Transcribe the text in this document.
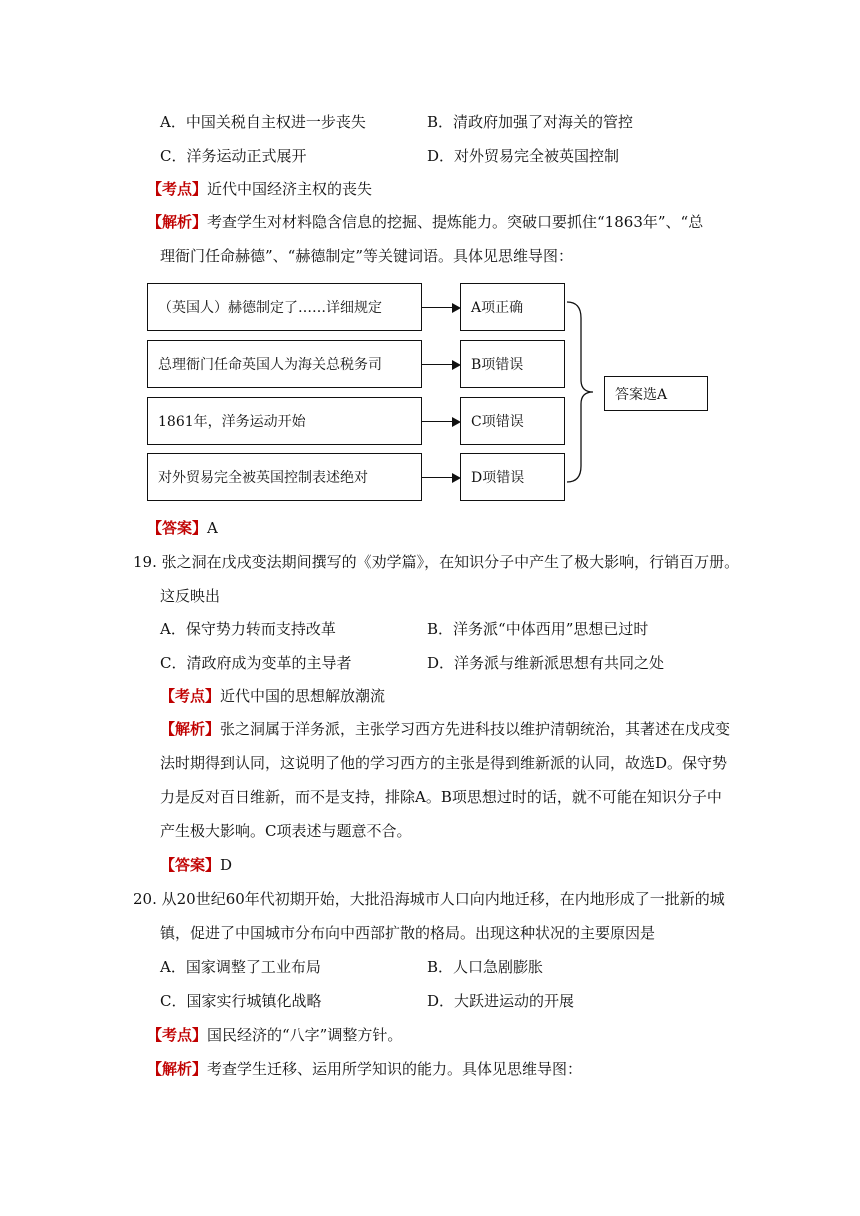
A．中国关税自主权进一步丧失	B．清政府加强了对海关的管控
C．洋务运动正式展开	D．对外贸易完全被英国控制
【考点】近代中国经济主权的丧失
【解析】考查学生对材料隐含信息的挖掘、提炼能力。突破口要抓住“1863年”、“总
理衙门任命赫德”、“赫德制定”等关键词语。具体见思维导图：
（英国人）赫德制定了……详细规定
总理衙门任命英国人为海关总税务司
1861年，洋务运动开始
对外贸易完全被英国控制表述绝对
A项正确
B项错误
C项错误
D项错误
答案选A
【答案】A
19. 张之洞在戊戌变法期间撰写的《劝学篇》，在知识分子中产生了极大影响，行销百万册。
这反映出
A．保守势力转而支持改革	B．洋务派“中体西用”思想已过时
C．清政府成为变革的主导者	D．洋务派与维新派思想有共同之处
【考点】近代中国的思想解放潮流
【解析】张之洞属于洋务派，主张学习西方先进科技以维护清朝统治，其著述在戊戌变
法时期得到认同，这说明了他的学习西方的主张是得到维新派的认同，故选D。保守势
力是反对百日维新，而不是支持，排除A。B项思想过时的话，就不可能在知识分子中
产生极大影响。C项表述与题意不合。
【答案】D
20. 从20世纪60年代初期开始，大批沿海城市人口向内地迁移，在内地形成了一批新的城
镇，促进了中国城市分布向中西部扩散的格局。出现这种状况的主要原因是
A．国家调整了工业布局	B．人口急剧膨胀
C．国家实行城镇化战略	D．大跃进运动的开展
【考点】国民经济的“八字”调整方针。
【解析】考查学生迁移、运用所学知识的能力。具体见思维导图：
